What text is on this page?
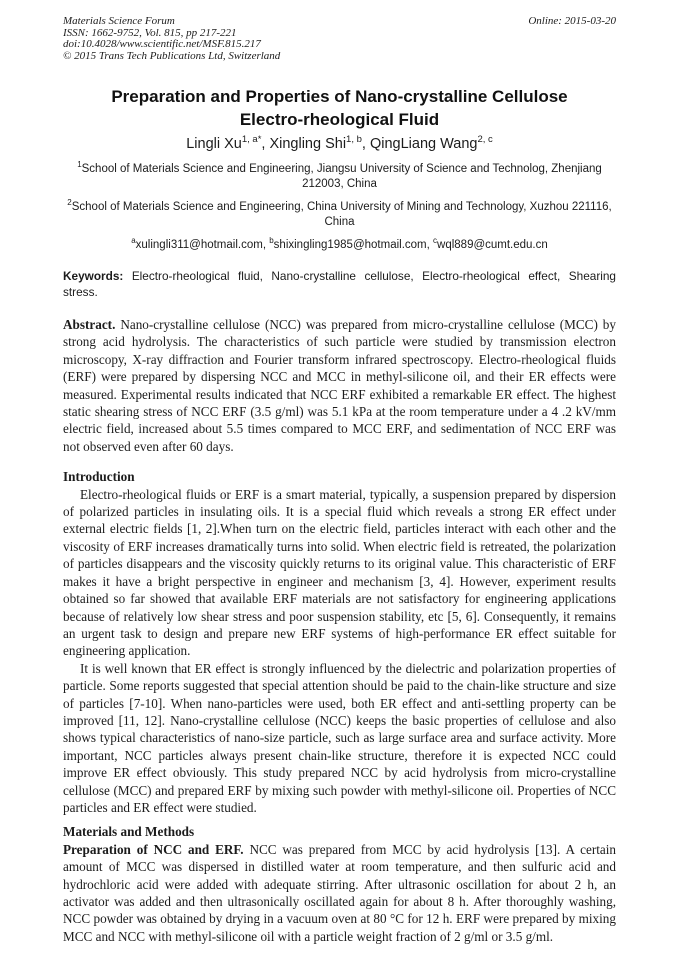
Materials Science Forum
ISSN: 1662-9752, Vol. 815, pp 217-221
doi:10.4028/www.scientific.net/MSF.815.217
© 2015 Trans Tech Publications Ltd, Switzerland
Online: 2015-03-20
Preparation and Properties of Nano-crystalline Cellulose Electro-rheological Fluid
Lingli $Xu^{1, a*}$, Xingling Shi$^{1, b}$, QingLiang Wang$^{2, c}$
$^1$School of Materials Science and Engineering, Jiangsu University of Science and Technolog, Zhenjiang 212003, China
$^2$School of Materials Science and Engineering, China University of Mining and Technology, Xuzhou 221116, China
$^a$xulingli311@hotmail.com, $^b$shixingling1985@hotmail.com, $^c$wql889@cumt.edu.cn
Keywords: Electro-rheological fluid, Nano-crystalline cellulose, Electro-rheological effect, Shearing stress.
Abstract. Nano-crystalline cellulose (NCC) was prepared from micro-crystalline cellulose (MCC) by strong acid hydrolysis. The characteristics of such particle were studied by transmission electron microscopy, X-ray diffraction and Fourier transform infrared spectroscopy. Electro-rheological fluids (ERF) were prepared by dispersing NCC and MCC in methyl-silicone oil, and their ER effects were measured. Experimental results indicated that NCC ERF exhibited a remarkable ER effect. The highest static shearing stress of NCC ERF (3.5 g/ml) was 5.1 kPa at the room temperature under a 4 .2 kV/mm electric field, increased about 5.5 times compared to MCC ERF, and sedimentation of NCC ERF was not observed even after 60 days.
Introduction

Electro-rheological fluids or ERF is a smart material, typically, a suspension prepared by dispersion of polarized particles in insulating oils. It is a special fluid which reveals a strong ER effect under external electric fields [1, 2].When turn on the electric field, particles interact with each other and the viscosity of ERF increases dramatically turns into solid. When electric field is retreated, the polarization of particles disappears and the viscosity quickly returns to its original value. This characteristic of ERF makes it have a bright perspective in engineer and mechanism [3, 4]. However, experiment results obtained so far showed that available ERF materials are not satisfactory for engineering applications because of relatively low shear stress and poor suspension stability, etc [5, 6]. Consequently, it remains an urgent task to design and prepare new ERF systems of high-performance ER effect suitable for engineering application.

It is well known that ER effect is strongly influenced by the dielectric and polarization properties of particle. Some reports suggested that special attention should be paid to the chain-like structure and size of particles [7-10]. When nano-particles were used, both ER effect and anti-settling property can be improved [11, 12]. Nano-crystalline cellulose (NCC) keeps the basic properties of cellulose and also shows typical characteristics of nano-size particle, such as large surface area and surface activity. More important, NCC particles always present chain-like structure, therefore it is expected NCC could improve ER effect obviously. This study prepared NCC by acid hydrolysis from micro-crystalline cellulose (MCC) and prepared ERF by mixing such powder with methyl-silicone oil. Properties of NCC particles and ER effect were studied.

Materials and Methods

Preparation of NCC and ERF. NCC was prepared from MCC by acid hydrolysis [13]. A certain amount of MCC was dispersed in distilled water at room temperature, and then sulfuric acid and hydrochloric acid were added with adequate stirring. After ultrasonic oscillation for about 2 h, an activator was added and then ultrasonically oscillated again for about 8 h. After thoroughly washing, NCC powder was obtained by drying in a vacuum oven at 80 °C for 12 h. ERF were prepared by mixing MCC and NCC with methyl-silicone oil with a particle weight fraction of 2 g/ml or 3.5 g/ml.
